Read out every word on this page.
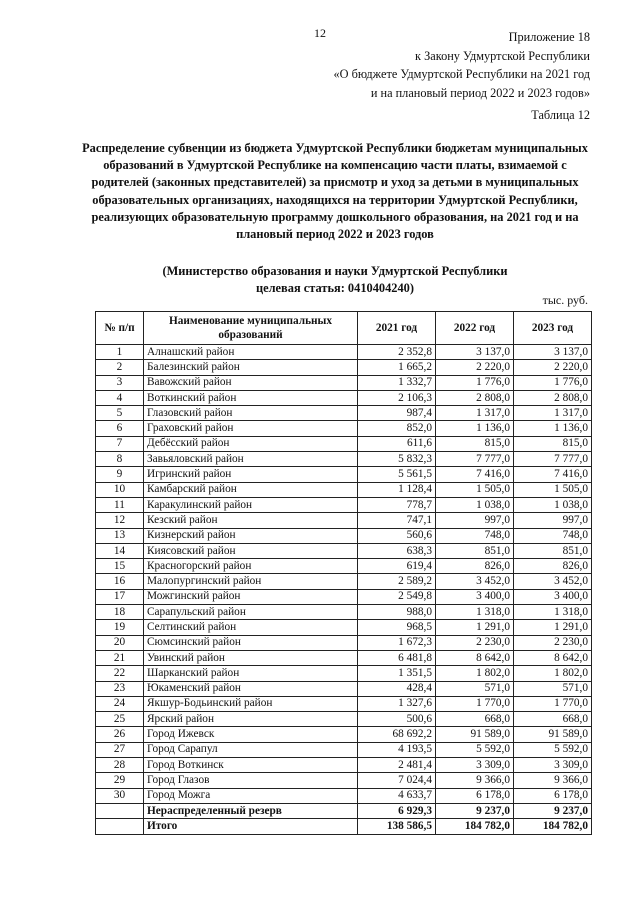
12	Приложение 18
к Закону Удмуртской Республики
«О бюджете Удмуртской Республики на 2021 год
и на плановый период 2022 и 2023 годов»
Таблица 12
Распределение субвенции из бюджета Удмуртской Республики бюджетам муниципальных образований в Удмуртской Республике на компенсацию части платы, взимаемой с родителей (законных представителей) за присмотр и уход за детьми в муниципальных образовательных организациях, находящихся на территории Удмуртской Республики, реализующих образовательную программу дошкольного образования, на 2021 год и на плановый период 2022 и 2023 годов
(Министерство образования и науки Удмуртской Республики
целевая статья: 0410404240)
тыс. руб.
№ п/п	Наименование муниципальных образований	2021 год	2022 год	2023 год
1	Алнашский район	2 352,8	3 137,0	3 137,0
2	Балезинский район	1 665,2	2 220,0	2 220,0
3	Вавожский район	1 332,7	1 776,0	1 776,0
4	Воткинский район	2 106,3	2 808,0	2 808,0
5	Глазовский район	987,4	1 317,0	1 317,0
6	Граховский район	852,0	1 136,0	1 136,0
7	Дебёсский район	611,6	815,0	815,0
8	Завьяловский район	5 832,3	7 777,0	7 777,0
9	Игринский район	5 561,5	7 416,0	7 416,0
10	Камбарский район	1 128,4	1 505,0	1 505,0
11	Каракулинский район	778,7	1 038,0	1 038,0
12	Кезский район	747,1	997,0	997,0
13	Кизнерский район	560,6	748,0	748,0
14	Киясовский район	638,3	851,0	851,0
15	Красногорский район	619,4	826,0	826,0
16	Малопургинский район	2 589,2	3 452,0	3 452,0
17	Можгинский район	2 549,8	3 400,0	3 400,0
18	Сарапульский район	988,0	1 318,0	1 318,0
19	Селтинский район	968,5	1 291,0	1 291,0
20	Сюмсинский район	1 672,3	2 230,0	2 230,0
21	Увинский район	6 481,8	8 642,0	8 642,0
22	Шарканский район	1 351,5	1 802,0	1 802,0
23	Юкаменский район	428,4	571,0	571,0
24	Якшур-Бодьинский район	1 327,6	1 770,0	1 770,0
25	Ярский район	500,6	668,0	668,0
26	Город Ижевск	68 692,2	91 589,0	91 589,0
27	Город Сарапул	4 193,5	5 592,0	5 592,0
28	Город Воткинск	2 481,4	3 309,0	3 309,0
29	Город Глазов	7 024,4	9 366,0	9 366,0
30	Город Можга	4 633,7	6 178,0	6 178,0
	Нераспределенный резерв	6 929,3	9 237,0	9 237,0
	Итого	138 586,5	184 782,0	184 782,0
